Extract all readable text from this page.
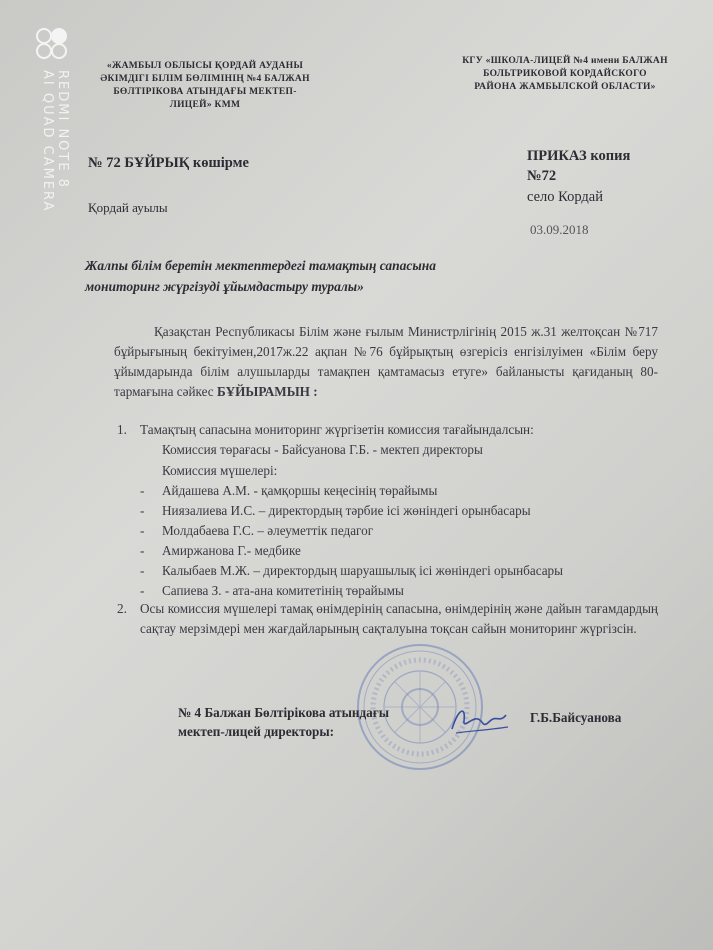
REDMI NOTE 8
AI QUAD CAMERA
«ЖАМБЫЛ ОБЛЫСЫ ҚОРДАЙ АУДАНЫ
ӘКІМДІГІ БІЛІМ БӨЛІМІНІҢ №4 БАЛЖАН
БӨЛТІРІКОВА АТЫНДАҒЫ МЕКТЕП-
ЛИЦЕЙ» КММ
КГУ «ШКОЛА-ЛИЦЕЙ №4 имени БАЛЖАН
БОЛЬТРИКОВОЙ КОРДАЙСКОГО
РАЙОНА ЖАМБЫЛСКОЙ ОБЛАСТИ»
№ 72 БҰЙРЫҚ көшірме
Қордай ауылы
ПРИКАЗ копия
№72
село Кордай
03.09.2018
Жалпы білім беретін мектептердегі тамақтың сапасына
мониторинг жүргізуді ұйымдастыру туралы»
Қазақстан Республикасы Білім және ғылым Министрлігінің 2015 ж.31 желтоқсан №717 бұйрығының бекітуімен,2017ж.22 ақпан №76 бұйрықтың өзгерісіз енгізілуімен «Білім беру ұйымдарында білім алушыларды тамақпен қамтамасыз етуге» байланысты қағиданың 80- тармағына сәйкес БҰЙЫРАМЫН :
1. Тамақтың сапасына мониторинг жүргізетін комиссия тағайындалсын:
Комиссия төрағасы - Байсуанова Г.Б. - мектеп директоры
Комиссия мүшелері:
- Айдашева А.М. - қамқоршы кеңесінің төрайымы
- Ниязалиева И.С. – директордың тәрбие ісі жөніндегі орынбасары
- Молдабаева Г.С. – әлеуметтік педагог
- Амиржанова Г.- медбике
- Калыбаев М.Ж. – директордың шаруашылық ісі жөніндегі орынбасары
- Сапиева З. - ата-ана комитетінің төрайымы
2. Осы комиссия мүшелері тамақ өнімдерінің сапасына, өнімдерінің және дайын тағамдардың сақтау мерзімдері мен жағдайларының сақталуына тоқсан сайын мониторинг жүргізсін.
№ 4 Балжан Бөлтірікова атындағы
мектеп-лицей директоры:
Г.Б.Байсуанова
